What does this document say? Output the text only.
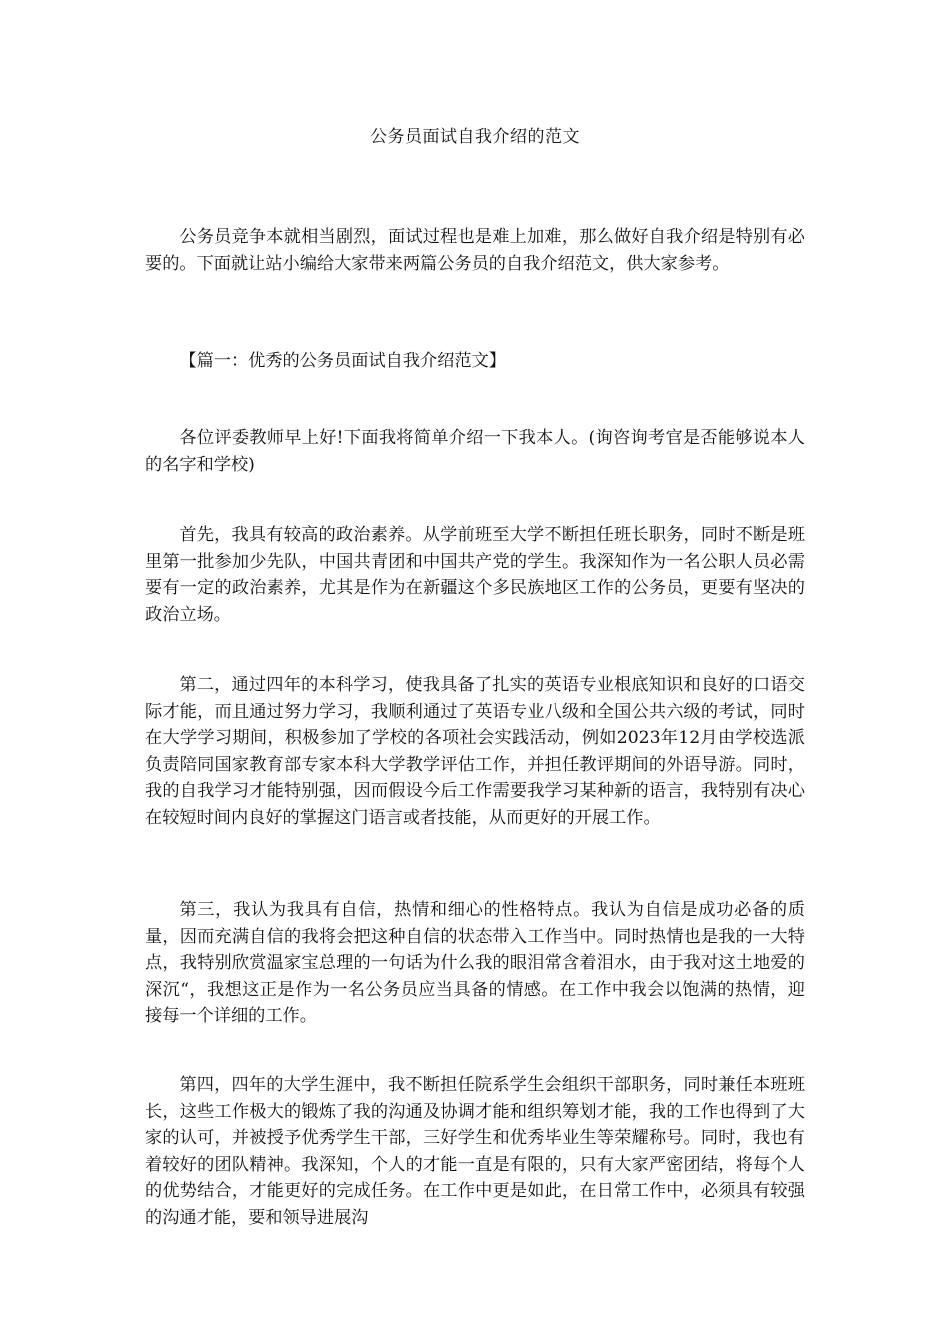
公务员面试自我介绍的范文

公务员竞争本就相当剧烈，面试过程也是难上加难，那么做好自我介绍是特别有必要的。下面就让站小编给大家带来两篇公务员的自我介绍范文，供大家参考。

【篇一：优秀的公务员面试自我介绍范文】

各位评委教师早上好!下面我将简单介绍一下我本人。(询咨询考官是否能够说本人的名字和学校)

首先，我具有较高的政治素养。从学前班至大学不断担任班长职务，同时不断是班里第一批参加少先队，中国共青团和中国共产党的学生。我深知作为一名公职人员必需要有一定的政治素养，尤其是作为在新疆这个多民族地区工作的公务员，更要有坚决的政治立场。

第二，通过四年的本科学习，使我具备了扎实的英语专业根底知识和良好的口语交际才能，而且通过努力学习，我顺利通过了英语专业八级和全国公共六级的考试，同时在大学学习期间，积极参加了学校的各项社会实践活动，例如2023年12月由学校选派负责陪同国家教育部专家本科大学教学评估工作，并担任教评期间的外语导游。同时，我的自我学习才能特别强，因而假设今后工作需要我学习某种新的语言，我特别有决心在较短时间内良好的掌握这门语言或者技能，从而更好的开展工作。

第三，我认为我具有自信，热情和细心的性格特点。我认为自信是成功必备的质量，因而充满自信的我将会把这种自信的状态带入工作当中。同时热情也是我的一大特点，我特别欣赏温家宝总理的一句话为什么我的眼泪常含着泪水，由于我对这土地爱的深沉“，我想这正是作为一名公务员应当具备的情感。在工作中我会以饱满的热情，迎接每一个详细的工作。

第四，四年的大学生涯中，我不断担任院系学生会组织干部职务，同时兼任本班班长，这些工作极大的锻炼了我的沟通及协调才能和组织筹划才能，我的工作也得到了大家的认可，并被授予优秀学生干部，三好学生和优秀毕业生等荣耀称号。同时，我也有着较好的团队精神。我深知，个人的才能一直是有限的，只有大家严密团结，将每个人的优势结合，才能更好的完成任务。在工作中更是如此，在日常工作中，必须具有较强的沟通才能，要和领导进展沟
